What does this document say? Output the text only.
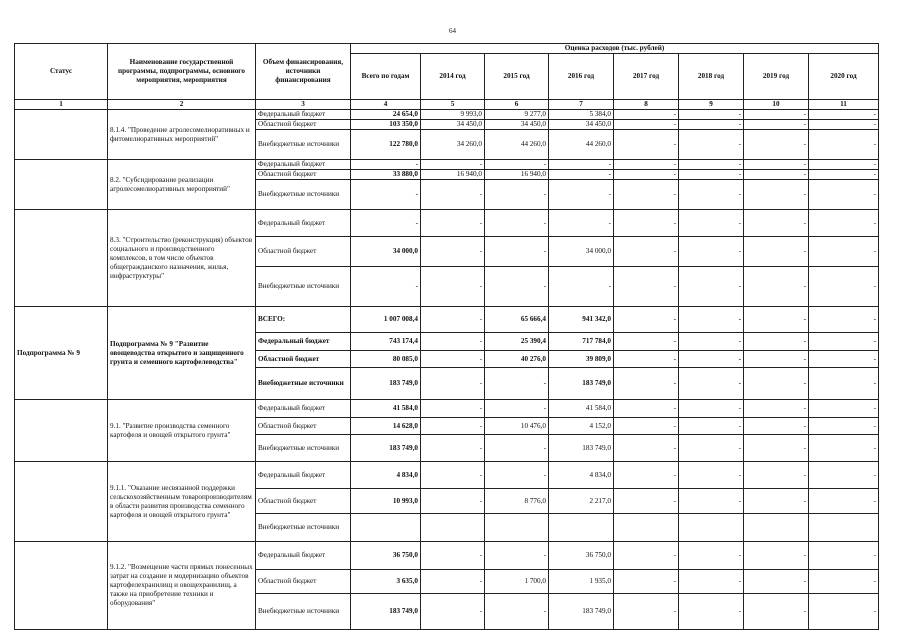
64
Статус	Наименование государственной программы, подпрограммы, основного мероприятия, мероприятия	Объем финансирования, источники финансирования	Оценка расходов (тыс. рублей)							
			Всего по годам	2014 год	2015 год	2016 год	2017 год	2018 год	2019 год	2020 год
1	2	3	4	5	6	7	8	9	10	11
	8.1.4. "Проведение агролесомелиоративных и фитомелиоративных мероприятий"	Федеральный бюджет	24 654,0	9 993,0	9 277,0	5 384,0	-	-	-	-
		Областной бюджет	103 350,0	34 450,0	34 450,0	34 450,0	-	-	-	-
		Внебюджетные источники	122 780,0	34 260,0	44 260,0	44 260,0	-	-	-	-
	8.2. "Субсидирование реализации агролесомелиоративных мероприятий"	Федеральный бюджет	-	-	-	-	-	-	-	-
		Областной бюджет	33 880,0	16 940,0	16 940,0	-	-	-	-	-
		Внебюджетные источники	-	-	-	-	-	-	-	-
	8.3. "Строительство (реконструкция) объектов социального и производственного комплексов, в том числе объектов общегражданского назначения, жилья, инфраструктуры"	Федеральный бюджет	-	-	-	-	-	-	-	-
		Областной бюджет	34 000,0	-	-	34 000,0	-	-	-	-
		Внебюджетные источники	-	-	-	-	-	-	-	-
Подпрограмма № 9	Подпрограмма № 9 "Развитие овощеводства открытого и защищенного грунта и семенного картофелеводства"	ВСЕГО:	1 007 008,4	-	65 666,4	941 342,0	-	-	-	-
		Федеральный бюджет	743 174,4	-	25 390,4	717 784,0	-	-	-	-
		Областной бюджет	80 085,0	-	40 276,0	39 809,0	-	-	-	-
		Внебюджетные источники	183 749,0	-	-	183 749,0	-	-	-	-
	9.1. "Развитие производства семенного картофеля и овощей открытого грунта"	Федеральный бюджет	41 584,0	-	-	41 584,0	-	-	-	-
		Областной бюджет	14 628,0	-	10 476,0	4 152,0	-	-	-	-
		Внебюджетные источники	183 749,0	-	-	183 749,0	-	-	-	-
	9.1.1. "Оказание несвязанной поддержки сельскохозяйственным товаропроизводителям в области развития производства семенного картофеля и овощей открытого грунта"	Федеральный бюджет	4 834,0	-	-	4 834,0	-	-	-	-
		Областной бюджет	10 993,0	-	8 776,0	2 217,0	-	-	-	-
		Внебюджетные источники								
	9.1.2. "Возмещение части прямых понесенных затрат на создание и модернизацию объектов картофелехранилищ и овощехранилищ, а также на приобретение техники и оборудования"	Федеральный бюджет	36 750,0	-	-	36 750,0	-	-	-	-
		Областной бюджет	3 635,0	-	1 700,0	1 935,0	-	-	-	-
		Внебюджетные источники	183 749,0	-	-	183 749,0	-	-	-	-
